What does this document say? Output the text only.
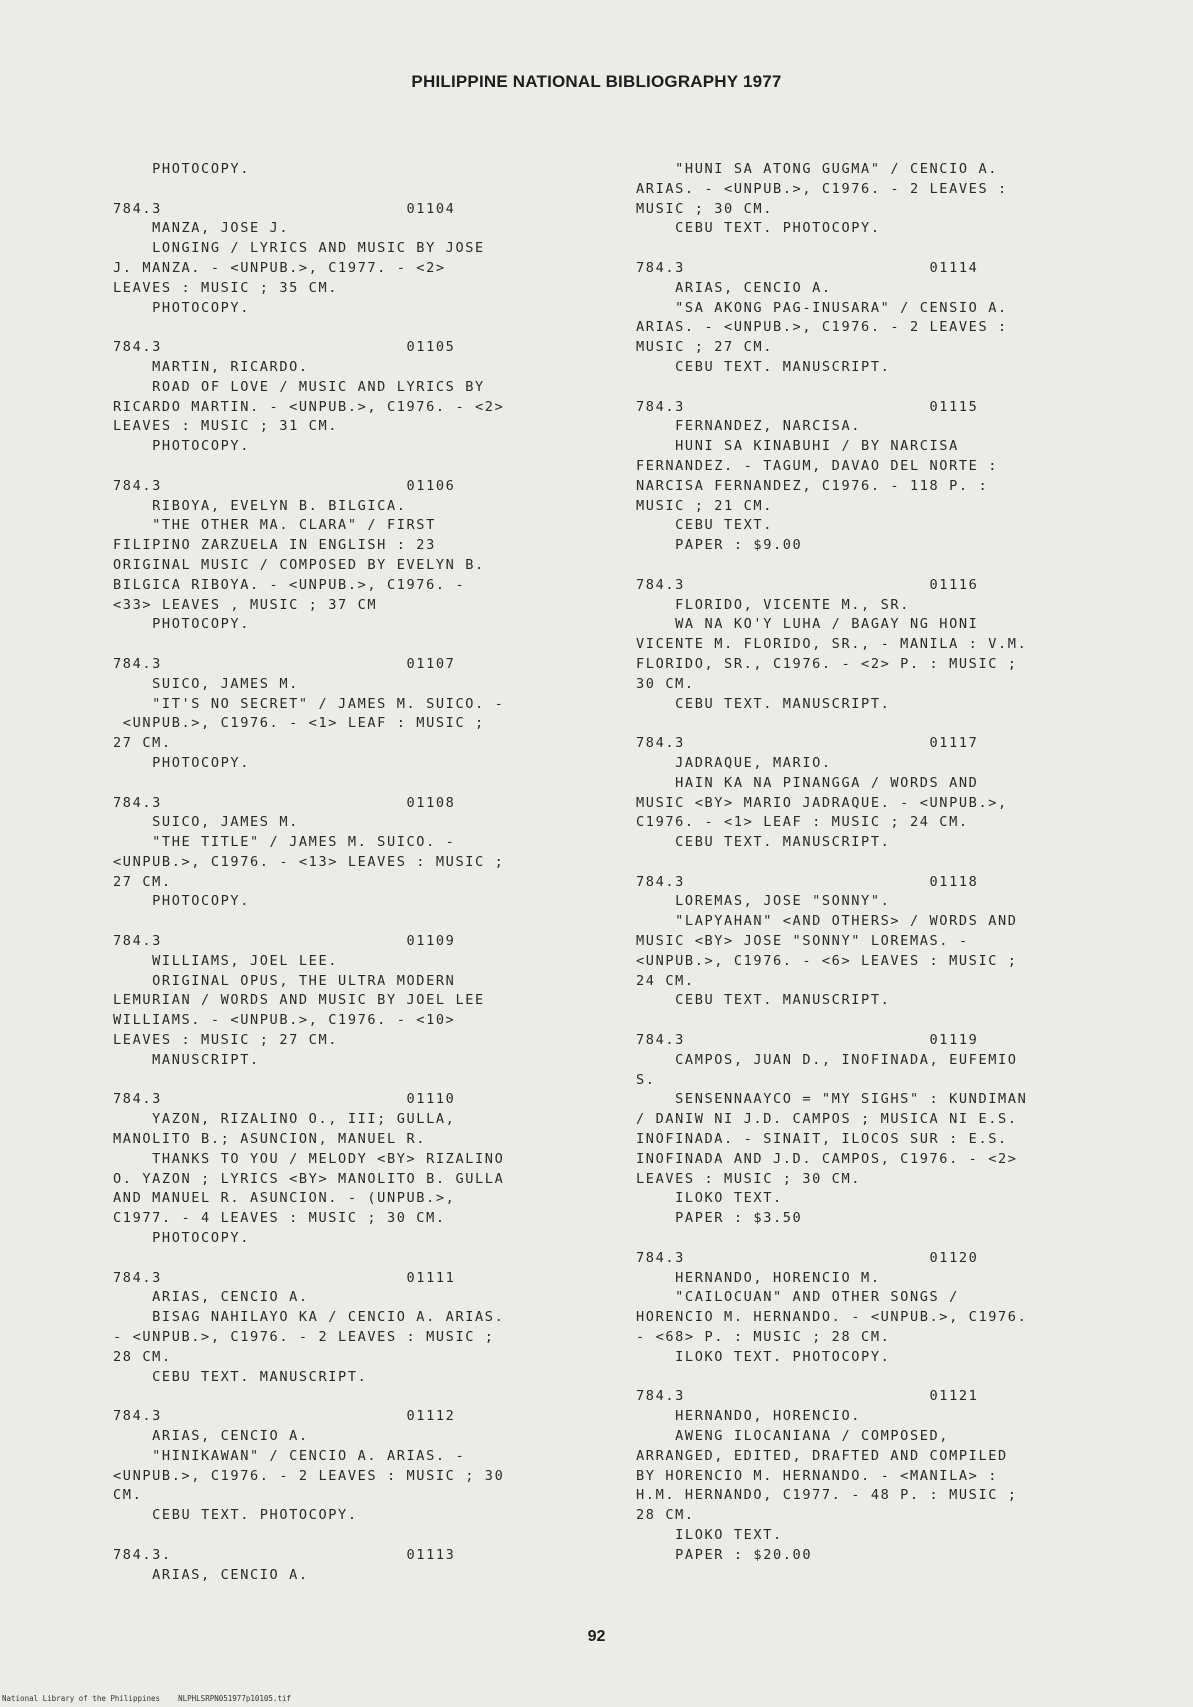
PHILIPPINE NATIONAL BIBLIOGRAPHY 1977
PHOTOCOPY.
784.3                         01104
MANZA, JOSE J.
LONGING / LYRICS AND MUSIC BY JOSE
J. MANZA. - <UNPUB.>, C1977. - <2>
LEAVES : MUSIC ; 35 CM.
PHOTOCOPY.
784.3                         01105
MARTIN, RICARDO.
ROAD OF LOVE / MUSIC AND LYRICS BY
RICARDO MARTIN. - <UNPUB.>, C1976. - <2>
LEAVES : MUSIC ; 31 CM.
PHOTOCOPY.
784.3                         01106
RIBOYA, EVELYN B. BILGICA.
"THE OTHER MA. CLARA" / FIRST
FILIPINO ZARZUELA IN ENGLISH : 23
ORIGINAL MUSIC / COMPOSED BY EVELYN B.
BILGICA RIBOYA. - <UNPUB.>, C1976. -
<33> LEAVES , MUSIC ; 37 CM
PHOTOCOPY.
784.3                         01107
SUICO, JAMES M.
"IT'S NO SECRET" / JAMES M. SUICO. -
<UNPUB.>, C1976. - <1> LEAF : MUSIC ;
27 CM.
PHOTOCOPY.
784.3                         01108
SUICO, JAMES M.
"THE TITLE" / JAMES M. SUICO. -
<UNPUB.>, C1976. - <13> LEAVES : MUSIC ;
27 CM.
PHOTOCOPY.
784.3                         01109
WILLIAMS, JOEL LEE.
ORIGINAL OPUS, THE ULTRA MODERN
LEMURIAN / WORDS AND MUSIC BY JOEL LEE
WILLIAMS. - <UNPUB.>, C1976. - <10>
LEAVES : MUSIC ; 27 CM.
MANUSCRIPT.
784.3                         01110
YAZON, RIZALINO O., III; GULLA,
MANOLITO B.; ASUNCION, MANUEL R.
THANKS TO YOU / MELODY <BY> RIZALINO
O. YAZON ; LYRICS <BY> MANOLITO B. GULLA
AND MANUEL R. ASUNCION. - (UNPUB.>,
C1977. - 4 LEAVES : MUSIC ; 30 CM.
PHOTOCOPY.
784.3                         01111
ARIAS, CENCIO A.
BISAG NAHILAYO KA / CENCIO A. ARIAS.
- <UNPUB.>, C1976. - 2 LEAVES : MUSIC ;
28 CM.
CEBU TEXT. MANUSCRIPT.
784.3                         01112
ARIAS, CENCIO A.
"HINIKAWAN" / CENCIO A. ARIAS. -
<UNPUB.>, C1976. - 2 LEAVES : MUSIC ; 30
CM.
CEBU TEXT. PHOTOCOPY.
784.3.                        01113
ARIAS, CENCIO A.
"HUNI SA ATONG GUGMA" / CENCIO A.
ARIAS. - <UNPUB.>, C1976. - 2 LEAVES :
MUSIC ; 30 CM.
CEBU TEXT. PHOTOCOPY.
784.3                         01114
ARIAS, CENCIO A.
"SA AKONG PAG-INUSARA" / CENSIO A.
ARIAS. - <UNPUB.>, C1976. - 2 LEAVES :
MUSIC ; 27 CM.
CEBU TEXT. MANUSCRIPT.
784.3                         01115
FERNANDEZ, NARCISA.
HUNI SA KINABUHI / BY NARCISA
FERNANDEZ. - TAGUM, DAVAO DEL NORTE :
NARCISA FERNANDEZ, C1976. - 118 P. :
MUSIC ; 21 CM.
CEBU TEXT.
PAPER : $9.00
784.3                         01116
FLORIDO, VICENTE M., SR.
WA NA KO'Y LUHA / BAGAY NG HONI
VICENTE M. FLORIDO, SR., - MANILA : V.M.
FLORIDO, SR., C1976. - <2> P. : MUSIC ;
30 CM.
CEBU TEXT. MANUSCRIPT.
784.3                         01117
JADRAQUE, MARIO.
HAIN KA NA PINANGGA / WORDS AND
MUSIC <BY> MARIO JADRAQUE. - <UNPUB.>,
C1976. - <1> LEAF : MUSIC ; 24 CM.
CEBU TEXT. MANUSCRIPT.
784.3                         01118
LOREMAS, JOSE "SONNY".
"LAPYAHAN" <AND OTHERS> / WORDS AND
MUSIC <BY> JOSE "SONNY" LOREMAS. -
<UNPUB.>, C1976. - <6> LEAVES : MUSIC ;
24 CM.
CEBU TEXT. MANUSCRIPT.
784.3                         01119
CAMPOS, JUAN D., INOFINADA, EUFEMIO
S.
SENSENNAAYCO = "MY SIGHS" : KUNDIMAN
/ DANIW NI J.D. CAMPOS ; MUSICA NI E.S.
INOFINADA. - SINAIT, ILOCOS SUR : E.S.
INOFINADA AND J.D. CAMPOS, C1976. - <2>
LEAVES : MUSIC ; 30 CM.
ILOKO TEXT.
PAPER : $3.50
784.3                         01120
HERNANDO, HORENCIO M.
"CAILOCUAN" AND OTHER SONGS /
HORENCIO M. HERNANDO. - <UNPUB.>, C1976.
- <68> P. : MUSIC ; 28 CM.
ILOKO TEXT. PHOTOCOPY.
784.3                         01121
HERNANDO, HORENCIO.
AWENG ILOCANIANA / COMPOSED,
ARRANGED, EDITED, DRAFTED AND COMPILED
BY HORENCIO M. HERNANDO. - <MANILA> :
H.M. HERNANDO, C1977. - 48 P. : MUSIC ;
28 CM.
ILOKO TEXT.
PAPER : $20.00
92
National Library of the Philippines    NLPHLSRPN051977p10105.tif
